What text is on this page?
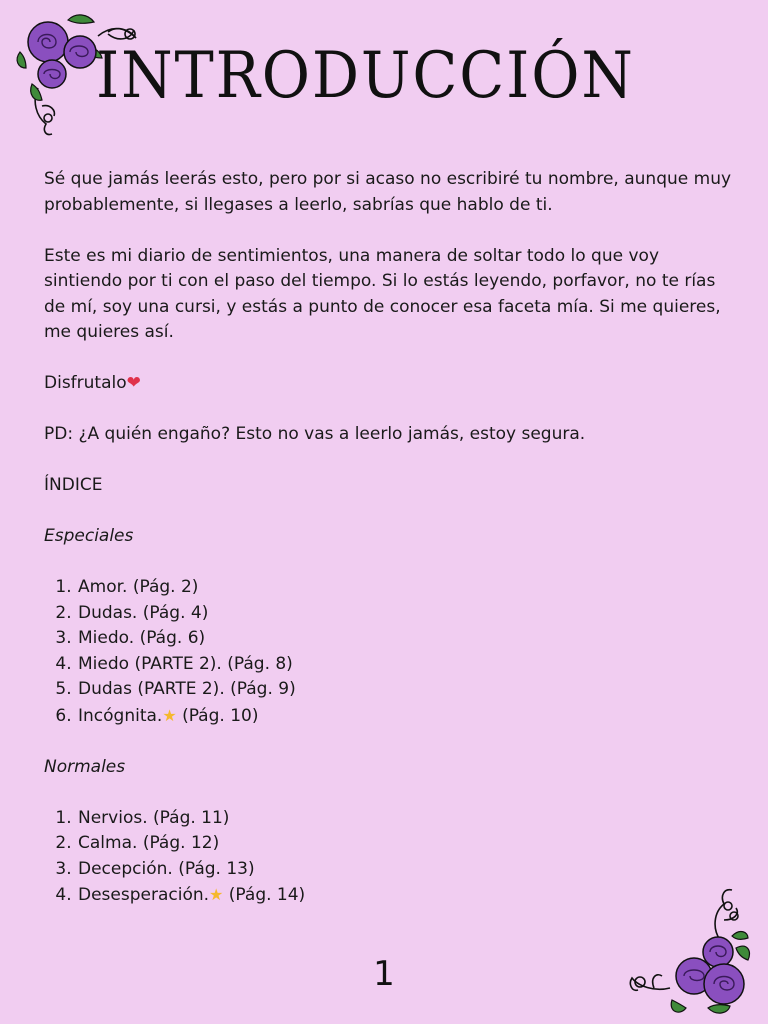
INTRODUCCIÓN

Sé que jamás leerás esto, pero por si acaso no escribiré tu nombre, aunque muy probablemente, si llegases a leerlo, sabrías que hablo de ti.

Este es mi diario de sentimientos, una manera de soltar todo lo que voy sintiendo por ti con el paso del tiempo. Si lo estás leyendo, porfavor, no te rías de mí, soy una cursi, y estás a punto de conocer esa faceta mía. Si me quieres, me quieres así.

Disfrutalo❤

PD: ¿A quién engaño? Esto no vas a leerlo jamás, estoy segura.

ÍNDICE

Especiales

1. Amor. (Pág. 2)
2. Dudas. (Pág. 4)
3. Miedo. (Pág. 6)
4. Miedo (PARTE 2). (Pág. 8)
5. Dudas (PARTE 2). (Pág. 9)
6. Incógnita.★ (Pág. 10)

Normales

1. Nervios. (Pág. 11)
2. Calma. (Pág. 12)
3. Decepción. (Pág. 13)
4. Desesperación.★ (Pág. 14)
1
